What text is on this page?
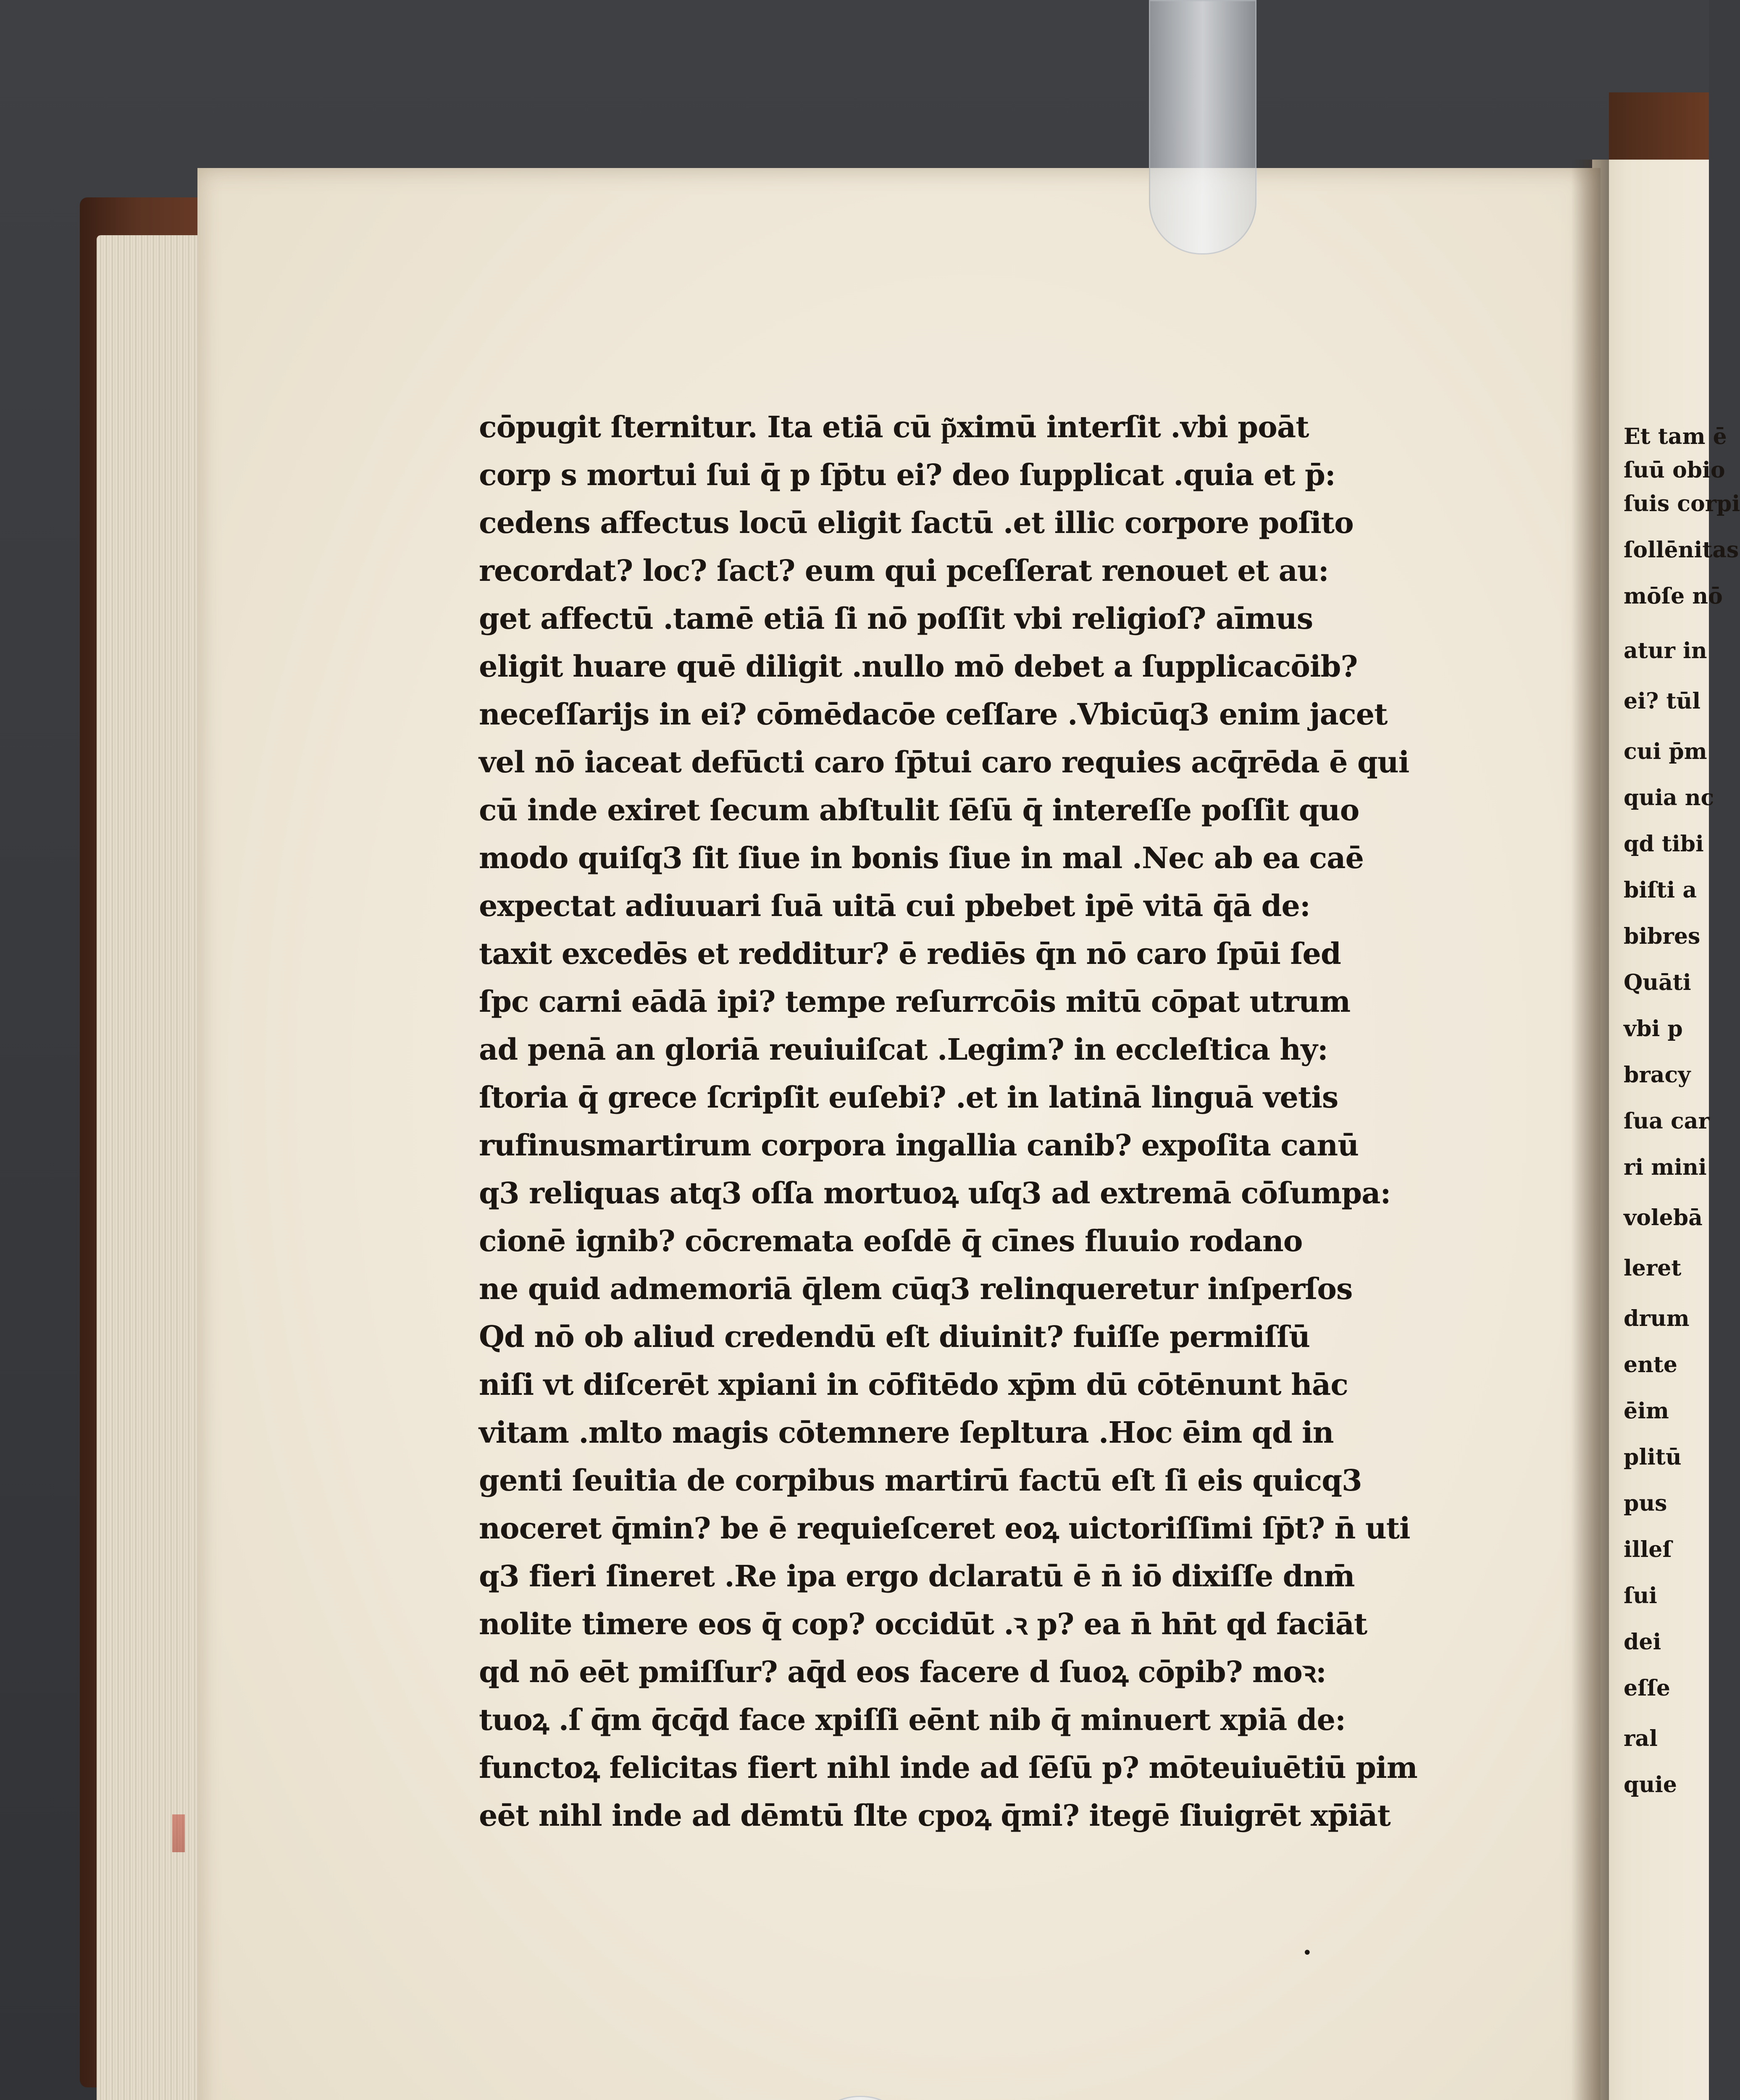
cōpugit ſternitur. Ita etiā cū p͂ximū interſit .vbi poāt
corp s mortui ſui q̄ p ſp̄tu ei? deo ſupplicat .quia et p̄:
cedens affectus locū eligit ſactū .et illic corpore poſito
recordat? loc? ſact? eum qui pceſſerat renouet et au:
get affectū .tamē etiā ſi nō poſſit vbi religioſ? aīmus
eligit huare quē diligit .nullo mō debet a ſupplicacōib?
neceſſarijs in ei? cōmēdacōe ceſſare .Vbicūq3 enim jacet
vel nō iaceat defūcti caro ſp̄tui caro requies acq̄rēda ē qui
cū inde exiret ſecum abſtulit ſēſū q̄ intereſſe poſſit quo
modo quiſq3 ſit ſiue in bonis ſiue in mal .Nec ab ea caē
expectat adiuuari ſuā uitā cui pbebet ipē vitā q̄ā de:
taxit excedēs et redditur? ē rediēs q̄n nō caro ſpūi ſed
ſpc carni eādā ipi? tempe reſurrcōis mitū cōpat utrum
ad penā an gloriā reuiuiſcat .Legim? in eccleſtica hy:
ſtoria q̄ grece ſcripſit euſebi? .et in latinā linguā vetis
rufinusmartirum corpora ingallia canib? expoſita canū
q3 reliquas atq3 oſſa mortuoꝝ uſq3 ad extremā cōſumpa:
cionē ignib? cōcremata eoſdē q̄ cīnes fluuio rodano
ne quid admemoriā q̄lem cūq3 relinqueretur inſperſos
Qd nō ob aliud credendū eſt diuinit? fuiſſe permiſſū
niſi vt diſcerēt xpiani in cōfitēdo xp̄m dū cōtēnunt hāc
vitam .mlto magis cōtemnere ſepltura .Hoc ēim qd in
genti ſeuitia de corpibus martirū factū eſt ſi eis quicq3
noceret q̄min? be ē requieſceret eoꝝ uictoriſſimi ſp̄t? n̄ uti
q3 fieri ſineret .Re ipa ergo dclaratū ē n̄ iō dixiſſe dnm̄
nolite timere eos q̄ cop? occidūt .ꝛ p? ea n̄ hn̄t qd faciāt
qd nō eēt pmiſſur? aq̄d eos facere d ſuoꝝ cōpib? moꝛ:
tuoꝝ .ſ q̄m q̄cq̄d face xpiſſi eēnt nib q̄ minuert xpiā de:
functoꝝ felicitas fiert nihl inde ad ſēſū p? mōteuiuētiū pim
eēt nihl inde ad dēmtū ſlte cpoꝝ q̄mi? itegē ſiuigrēt xp̄iāt
•
Et tam ē
ſuū obio
ſuis corpi
ſollēnitas
mōſe nō
atur in
ei? tūl
cui p̄m
quia nc
qd tibi
biſti a
bibres
Quāti
vbi p
bracy
ſua car
ri mini
volebā
leret
drum
ente
ēim
plitū
pus
illeſ
ſui
dei
eſſe
ral
quie
